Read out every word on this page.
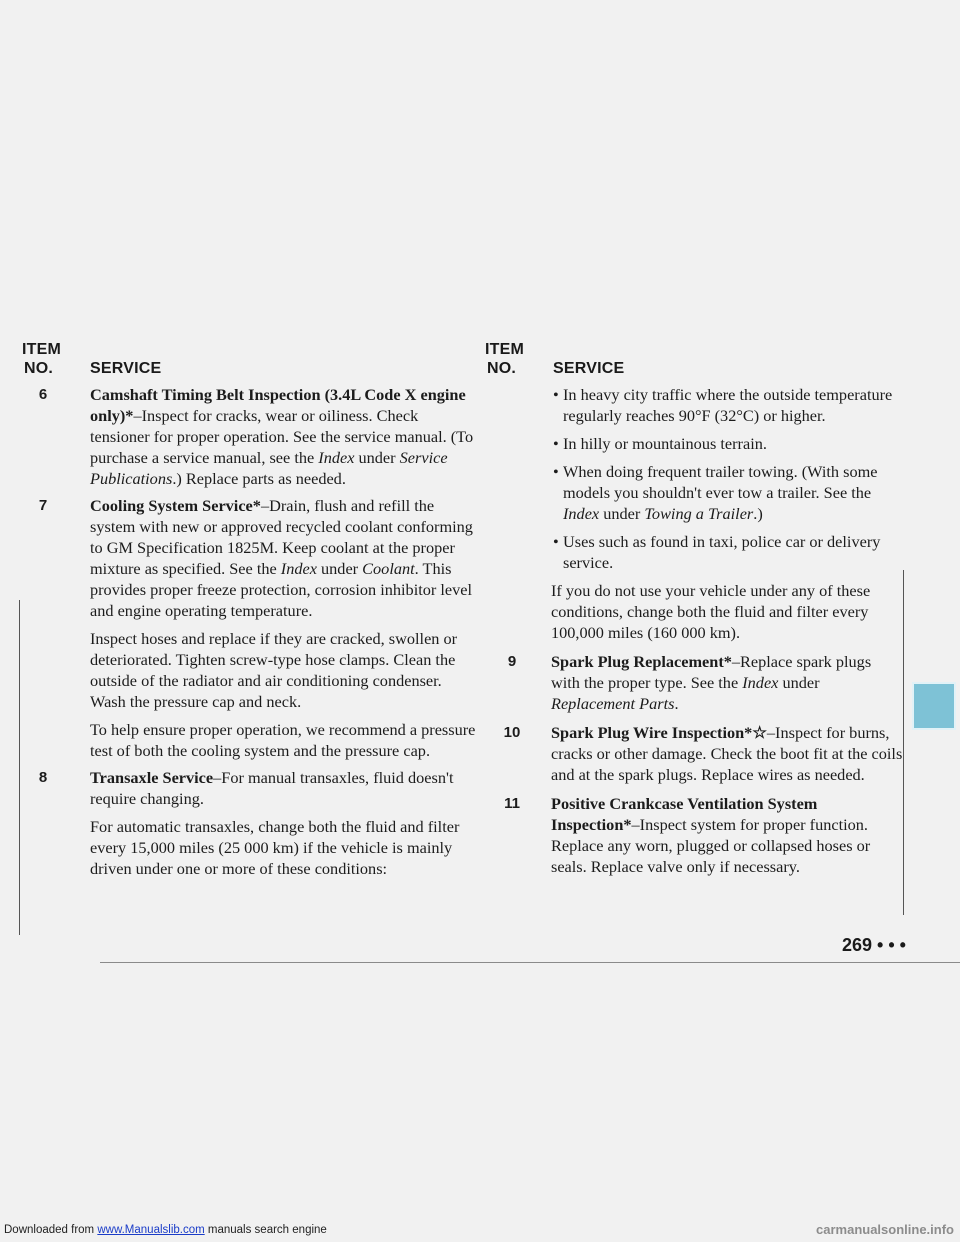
ITEM
NO.	SERVICE
6	Camshaft Timing Belt Inspection (3.4L Code X engine only)*–Inspect for cracks, wear or oiliness. Check tensioner for proper operation. See the service manual. (To purchase a service manual, see the Index under Service Publications.) Replace parts as needed.
7	Cooling System Service*–Drain, flush and refill the system with new or approved recycled coolant conforming to GM Specification 1825M. Keep coolant at the proper mixture as specified. See the Index under Coolant. This provides proper freeze protection, corrosion inhibitor level and engine operating temperature.
Inspect hoses and replace if they are cracked, swollen or deteriorated. Tighten screw-type hose clamps. Clean the outside of the radiator and air conditioning condenser. Wash the pressure cap and neck.
To help ensure proper operation, we recommend a pressure test of both the cooling system and the pressure cap.
8	Transaxle Service–For manual transaxles, fluid doesn't require changing.
For automatic transaxles, change both the fluid and filter every 15,000 miles (25 000 km) if the vehicle is mainly driven under one or more of these conditions:
ITEM
NO.	SERVICE
• In heavy city traffic where the outside temperature regularly reaches 90°F (32°C) or higher.
• In hilly or mountainous terrain.
• When doing frequent trailer towing. (With some models you shouldn't ever tow a trailer. See the Index under Towing a Trailer.)
• Uses such as found in taxi, police car or delivery service.
If you do not use your vehicle under any of these conditions, change both the fluid and filter every 100,000 miles (160 000 km).
9	Spark Plug Replacement*–Replace spark plugs with the proper type. See the Index under Replacement Parts.
10	Spark Plug Wire Inspection*☆–Inspect for burns, cracks or other damage. Check the boot fit at the coils and at the spark plugs. Replace wires as needed.
11	Positive Crankcase Ventilation System Inspection*–Inspect system for proper function. Replace any worn, plugged or collapsed hoses or seals. Replace valve only if necessary.
269 • • •
Downloaded from www.Manualslib.com manuals search engine	carmanualsonline.info
